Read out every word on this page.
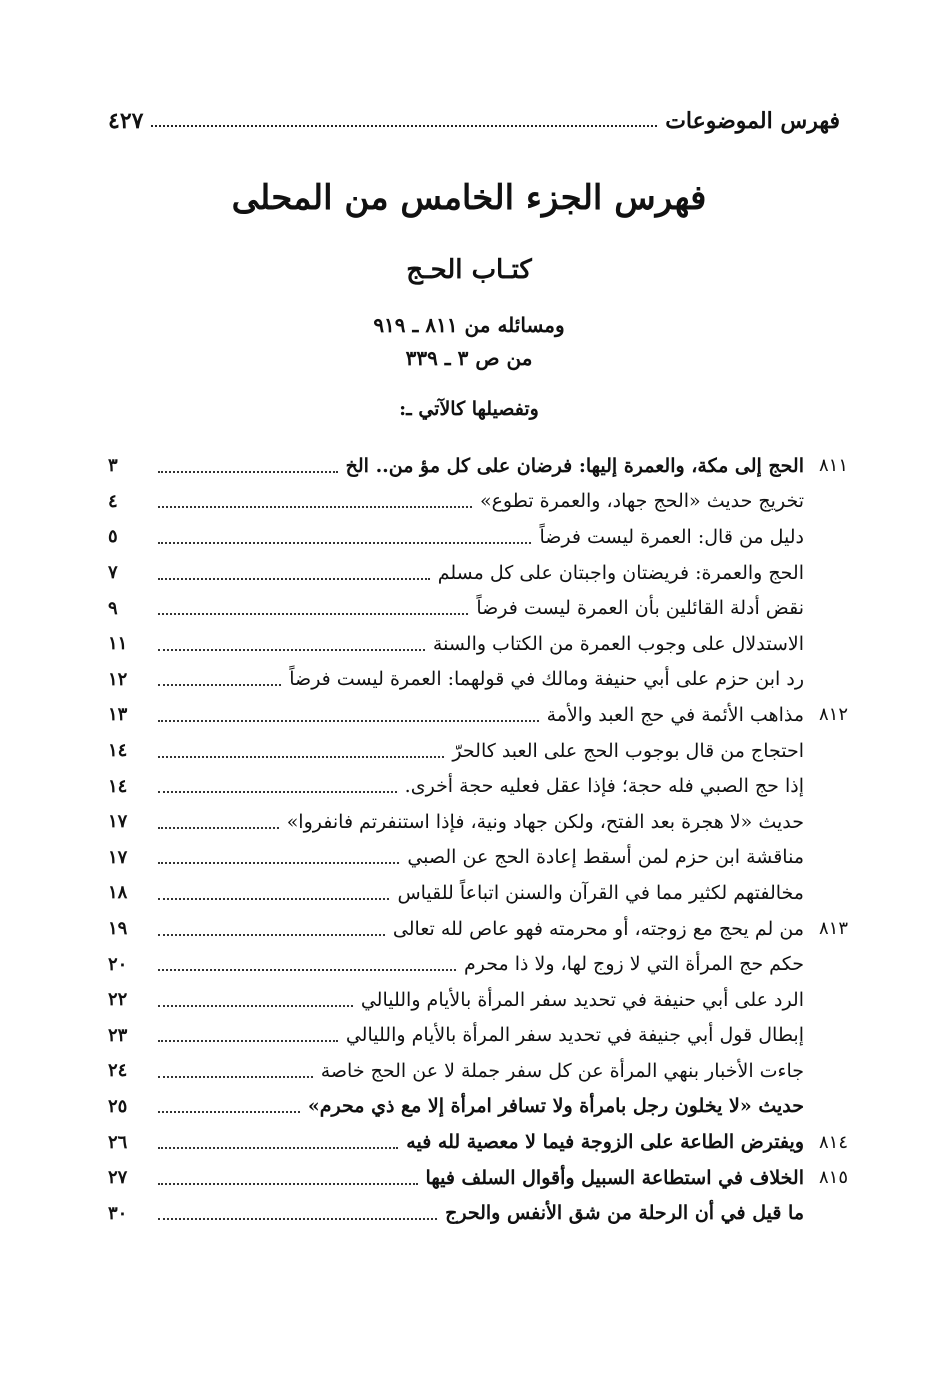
فهرس الموضوعات
٤٢٧
فهرس الجزء الخامس من المحلى
كتـاب الحـج
ومسائله من ٨١١ ـ ٩١٩
من ص ٣ ـ ٣٣٩
وتفصيلها كالآتي ـ:
٨١١
الحج إلى مكة، والعمرة إليها: فرضان على كل مؤ من.. الخ
٣
تخريج حديث «الحج جهاد، والعمرة تطوع»
٤
دليل من قال: العمرة ليست فرضاً
٥
الحج والعمرة: فريضتان واجبتان على كل مسلم
٧
نقض أدلة القائلين بأن العمرة ليست فرضاً
٩
الاستدلال على وجوب العمرة من الكتاب والسنة
١١
رد ابن حزم على أبي حنيفة ومالك في قولهما: العمرة ليست فرضاً
١٢
٨١٢
مذاهب الأئمة في حج العبد والأمة
١٣
احتجاج من قال بوجوب الحج على العبد كالحرّ
١٤
إذا حج الصبي فله حجة؛ فإذا عقل فعليه حجة أخرى.
١٤
حديث «لا هجرة بعد الفتح، ولكن جهاد ونية، فإذا استنفرتم فانفروا»
١٧
مناقشة ابن حزم لمن أسقط إعادة الحج عن الصبي
١٧
مخالفتهم لكثير مما في القرآن والسنن اتباعاً للقياس
١٨
٨١٣
من لم يحج مع زوجته، أو محرمته فهو عاص لله تعالى
١٩
حكم حج المرأة التي لا زوج لها، ولا ذا محرم
٢٠
الرد على أبي حنيفة في تحديد سفر المرأة بالأيام والليالي
٢٢
إبطال قول أبي جنيفة في تحديد سفر المرأة بالأيام والليالي
٢٣
جاءت الأخبار بنهي المرأة عن كل سفر جملة لا عن الحج خاصة
٢٤
حديث «لا يخلون رجل بامرأة ولا تسافر امرأة إلا مع ذي محرم»
٢٥
٨١٤
ويفترض الطاعة على الزوجة فيما لا معصية لله فيه
٢٦
٨١٥
الخلاف في استطاعة السبيل وأقوال السلف فيها
٢٧
ما قيل في أن الرحلة من شق الأنفس والحرج
٣٠
